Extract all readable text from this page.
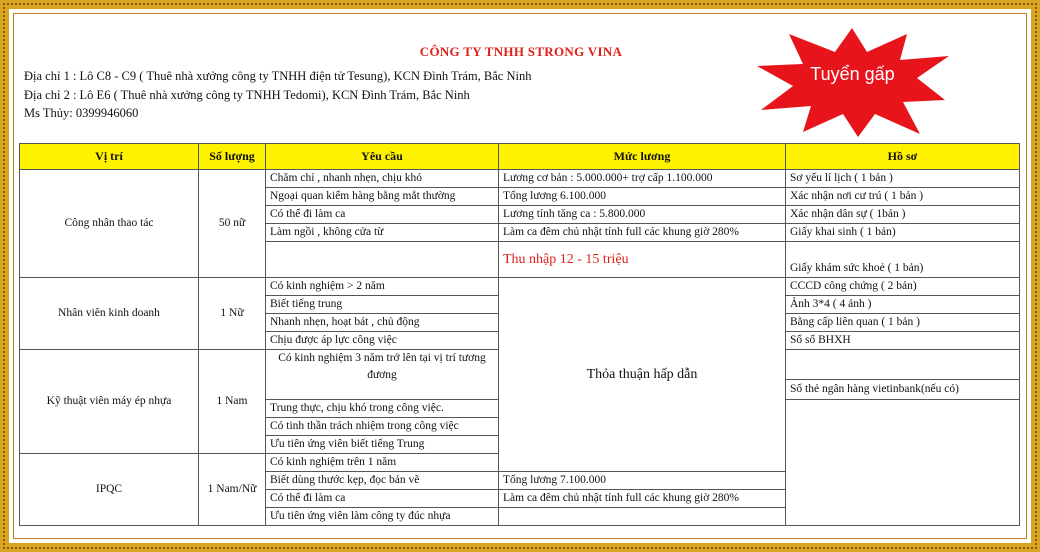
CÔNG TY TNHH STRONG VINA
Địa chỉ 1 : Lô C8 - C9 ( Thuê nhà xưởng công ty TNHH điện tử Tesung), KCN Đình Trám, Bắc Ninh
Địa chỉ 2 : Lô E6 ( Thuê nhà xưởng công ty TNHH Tedomi), KCN Đình Trám, Bắc Ninh
Ms Thủy: 0399946060
Tuyển gấp
Vị trí	Số lượng	Yêu cầu	Mức lương	Hồ sơ	
Công nhân thao tác	50 nữ	Chăm chỉ , nhanh nhẹn, chịu khó	Lương cơ bản : 5.000.000+ trợ cấp 1.100.000	Sơ yếu lí lịch ( 1 bản )	
		Ngoại quan kiểm hàng bằng mắt thường	Tổng lương 6.100.000	Xác nhận nơi cư trú ( 1 bản )	
		Có thể đi làm ca	Lương tính tăng ca : 5.800.000	Xác nhận dân sự ( 1bản )	
		Làm ngồi , không cửa từ	Làm ca đêm chủ nhật tính full các khung giờ 280%	Giấy khai sinh ( 1 bản)	
			Thu nhập 12 - 15 triệu	Giấy khám sức khoẻ ( 1 bản)	
Nhân viên kinh doanh	1 Nữ	Có kinh nghiệm > 2 năm	Thỏa thuận hấp dẫn	CCCD công chứng ( 2 bản)	
		Biết tiếng trung		Ảnh 3*4 ( 4 ảnh )	
		Nhanh nhẹn, hoạt bát , chủ động		Bằng cấp liên quan ( 1 bản )	
		Chịu được áp lực công việc		Sổ sổ BHXH	
Kỹ thuật viên máy ép nhựa	1 Nam	Có kinh nghiệm 3 năm trở lên tại vị trí tương đương			
				Số thẻ ngân hàng vietinbank(nếu có)	
		Trung thực, chịu khó trong công việc.			
		Có tinh thần trách nhiệm trong công việc			
		Ưu tiên ứng viên biết tiếng Trung			
IPQC	1 Nam/Nữ	Có kinh nghiệm trên 1 năm	
		Biết dùng thước kẹp, đọc bản vẽ	Tổng lương 7.100.000		
		Có thể đi làm ca	Làm ca đêm chủ nhật tính full các khung giờ 280%		
		Ưu tiên ứng viên làm công ty đúc nhựa			
